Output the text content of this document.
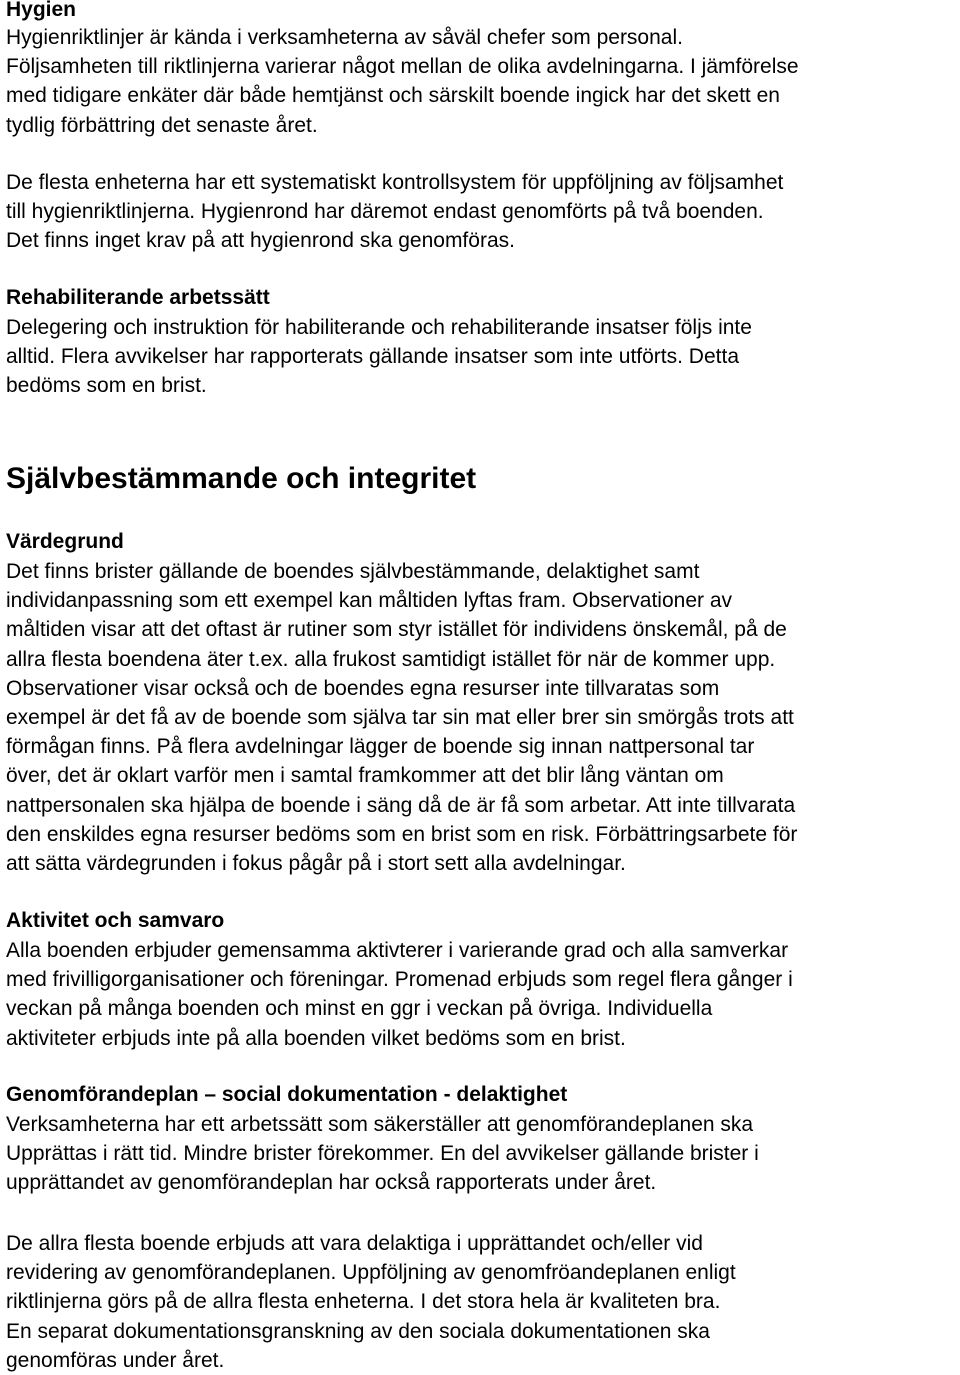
Hygien

Hygienriktlinjer är kända i verksamheterna av såväl chefer som personal.
Följsamheten till riktlinjerna varierar något mellan de olika avdelningarna. I jämförelse
med tidigare enkäter där både hemtjänst och särskilt boende ingick har det skett en
tydlig förbättring det senaste året.

De flesta enheterna har ett systematiskt kontrollsystem för uppföljning av följsamhet
till hygienriktlinjerna. Hygienrond har däremot endast genomförts på två boenden.
Det finns inget krav på att hygienrond ska genomföras.

Rehabiliterande arbetssätt

Delegering och instruktion för habiliterande och rehabiliterande insatser följs inte
alltid. Flera avvikelser har rapporterats gällande insatser som inte utförts. Detta
bedöms som en brist.

Självbestämmande och integritet
Värdegrund

Det finns brister gällande de boendes självbestämmande, delaktighet samt
individanpassning som ett exempel kan måltiden lyftas fram. Observationer av
måltiden visar att det oftast är rutiner som styr istället för individens önskemål, på de
allra flesta boendena äter t.ex. alla frukost samtidigt istället för när de kommer upp.
Observationer visar också och de boendes egna resurser inte tillvaratas som
exempel är det få av de boende som själva tar sin mat eller brer sin smörgås trots att
förmågan finns. På flera avdelningar lägger de boende sig innan nattpersonal tar
över, det är oklart varför men i samtal framkommer att det blir lång väntan om
nattpersonalen ska hjälpa de boende i säng då de är få som arbetar. Att inte tillvarata
den enskildes egna resurser bedöms som en brist som en risk. Förbättringsarbete för
att sätta värdegrunden i fokus pågår på i stort sett alla avdelningar.

Aktivitet och samvaro

Alla boenden erbjuder gemensamma aktivterer i varierande grad och alla samverkar
med frivilligorganisationer och föreningar. Promenad erbjuds som regel flera gånger i
veckan på många boenden och minst en ggr i veckan på övriga. Individuella
aktiviteter erbjuds inte på alla boenden vilket bedöms som en brist.

Genomförandeplan – social dokumentation - delaktighet

Verksamheterna har ett arbetssätt som säkerställer att genomförandeplanen ska
Upprättas i rätt tid. Mindre brister förekommer. En del avvikelser gällande brister i
upprättandet av genomförandeplan har också rapporterats under året.

De allra flesta boende erbjuds att vara delaktiga i upprättandet och/eller vid
revidering av genomförandeplanen. Uppföljning av genomfröandeplanen enligt
riktlinjerna görs på de allra flesta enheterna. I det stora hela är kvaliteten bra.
En separat dokumentationsgranskning av den sociala dokumentationen ska
genomföras under året.
